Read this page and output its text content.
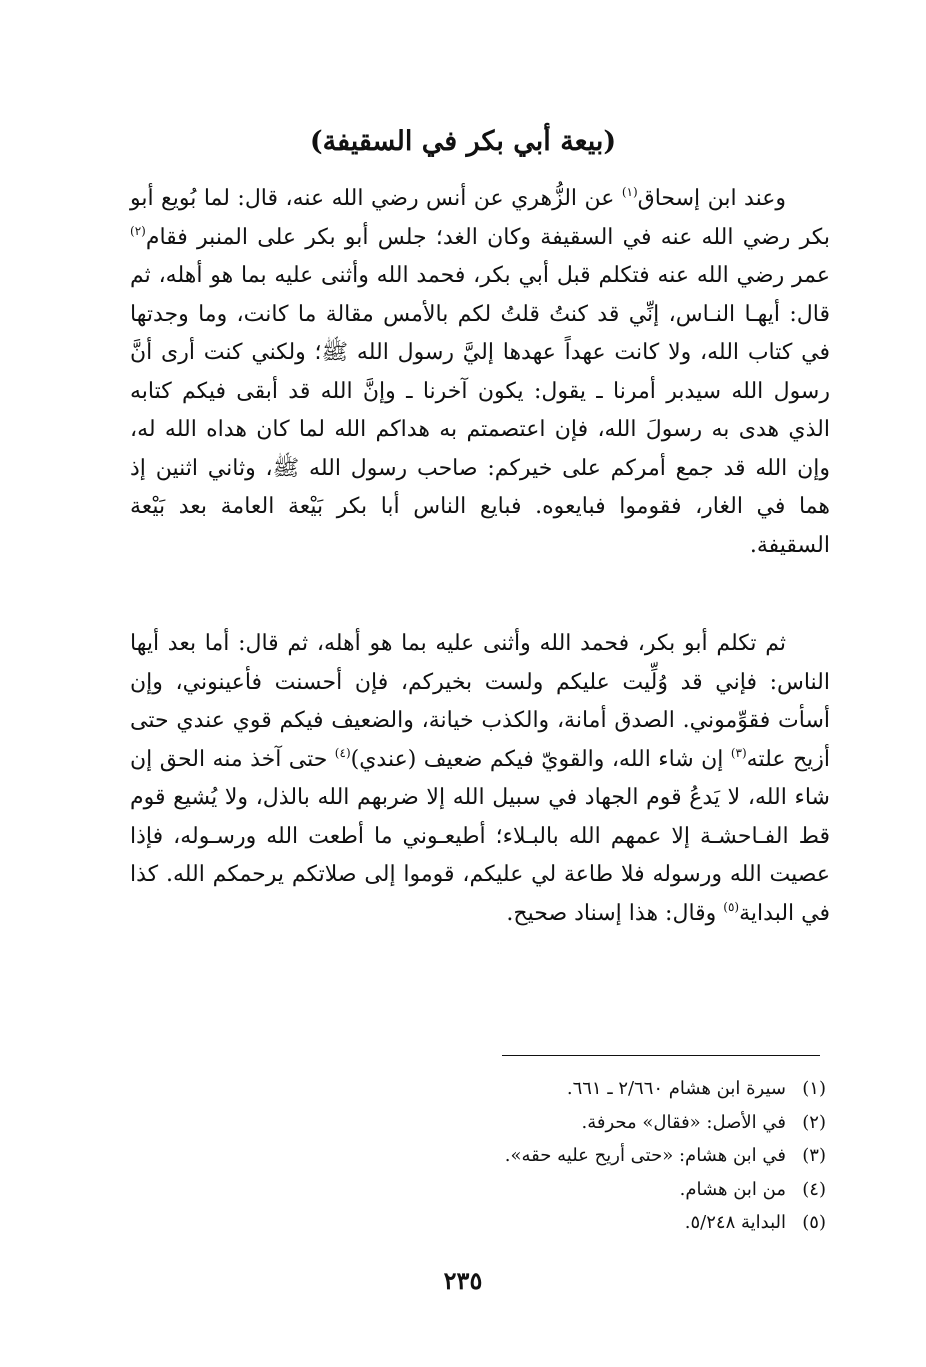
(بيعة أبي بكر في السقيفة)

وعند ابن إسحاق$^{(١)}$ عن الزُّهري عن أنس رضي الله عنه، قال: لما بُويع أبو بكر رضي الله عنه في السقيفة وكان الغد؛ جلس أبو بكر على المنبر فقام$^{(٢)}$ عمر رضي الله عنه فتكلم قبل أبي بكر، فحمد الله وأثنى عليه بما هو أهله، ثم قال: أيهـا النـاس، إنِّي قد كنتُ قلتُ لكم بالأمس مقالة ما كانت، وما وجدتها في كتاب الله، ولا كانت عهداً عهدها إليَّ رسول الله ﷺ؛ ولكني كنت أرى أنَّ رسول الله سيدبر أمرنا ـ يقول: يكون آخرنا ـ وإنَّ الله قد أبقى فيكم كتابه الذي هدى به رسولَ الله، فإن اعتصمتم به هداكم الله لما كان هداه الله له، وإن الله قد جمع أمركم على خيركم: صاحب رسول الله ﷺ، وثاني اثنين إذ هما في الغار، فقوموا فبايعوه. فبايع الناس أبا بكر بَيْعة العامة بعد بَيْعة السقيفة.

ثم تكلم أبو بكر، فحمد الله وأثنى عليه بما هو أهله، ثم قال: أما بعد أيها الناس: فإني قد وُلِّيت عليكم ولست بخيركم، فإن أحسنت فأعينوني، وإن أسأت فقوِّموني. الصدق أمانة، والكذب خيانة، والضعيف فيكم قوي عندي حتى أزيح علته$^{(٣)}$ إن شاء الله، والقويّ فيكم ضعيف (عندي)$^{(٤)}$ حتى آخذ منه الحق إن شاء الله، لا يَدعُ قوم الجهاد في سبيل الله إلا ضربهم الله بالذل، ولا يُشيع قوم قط الفـاحشـة إلا عمهم الله بالبـلاء؛ أطيعـوني ما أطعت الله ورسـوله، فإذا عصيت الله ورسوله فلا طاعة لي عليكم، قوموا إلى صلاتكم يرحمكم الله. كذا في البداية$^{(٥)}$ وقال: هذا إسناد صحيح.

(١)
سيرة ابن هشام ٢/٦٦٠ ـ ٦٦١.
(٢)
في الأصل: «فقال» محرفة.
(٣)
في ابن هشام: «حتى أريح عليه حقه».
(٤)
من ابن هشام.
(٥)
البداية ٥/٢٤٨.
٢٣٥
